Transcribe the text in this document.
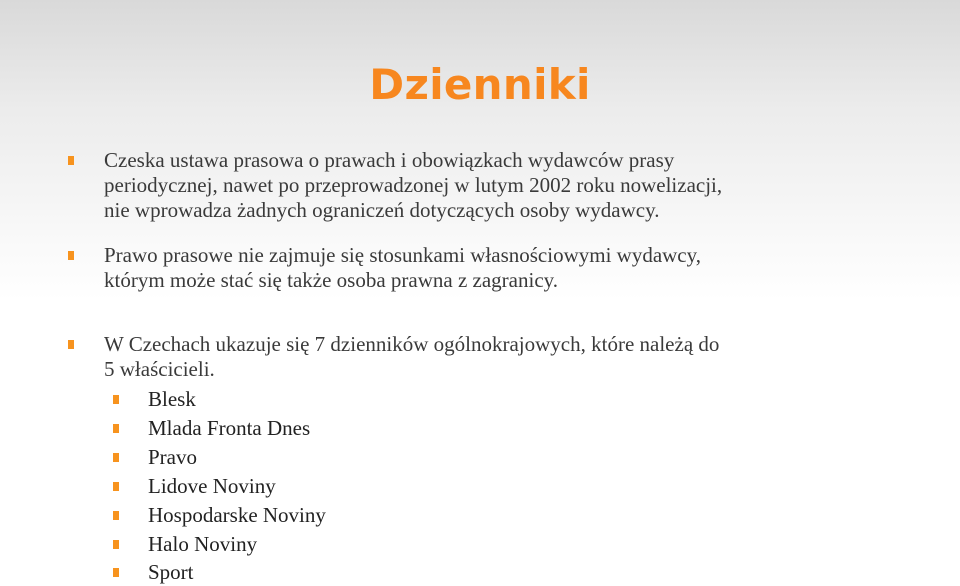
Dzienniki
Czeska ustawa prasowa o prawach i obowiązkach wydawców prasy
periodycznej, nawet po przeprowadzonej w lutym 2002 roku nowelizacji,
nie wprowadza żadnych ograniczeń dotyczących osoby wydawcy.
Prawo prasowe nie zajmuje się stosunkami własnościowymi wydawcy,
którym może stać się także osoba prawna z zagranicy.
W Czechach ukazuje się 7 dzienników ogólnokrajowych, które należą do
5 właścicieli.
Blesk
Mlada Fronta Dnes
Pravo
Lidove Noviny
Hospodarske Noviny
Halo Noviny
Sport
